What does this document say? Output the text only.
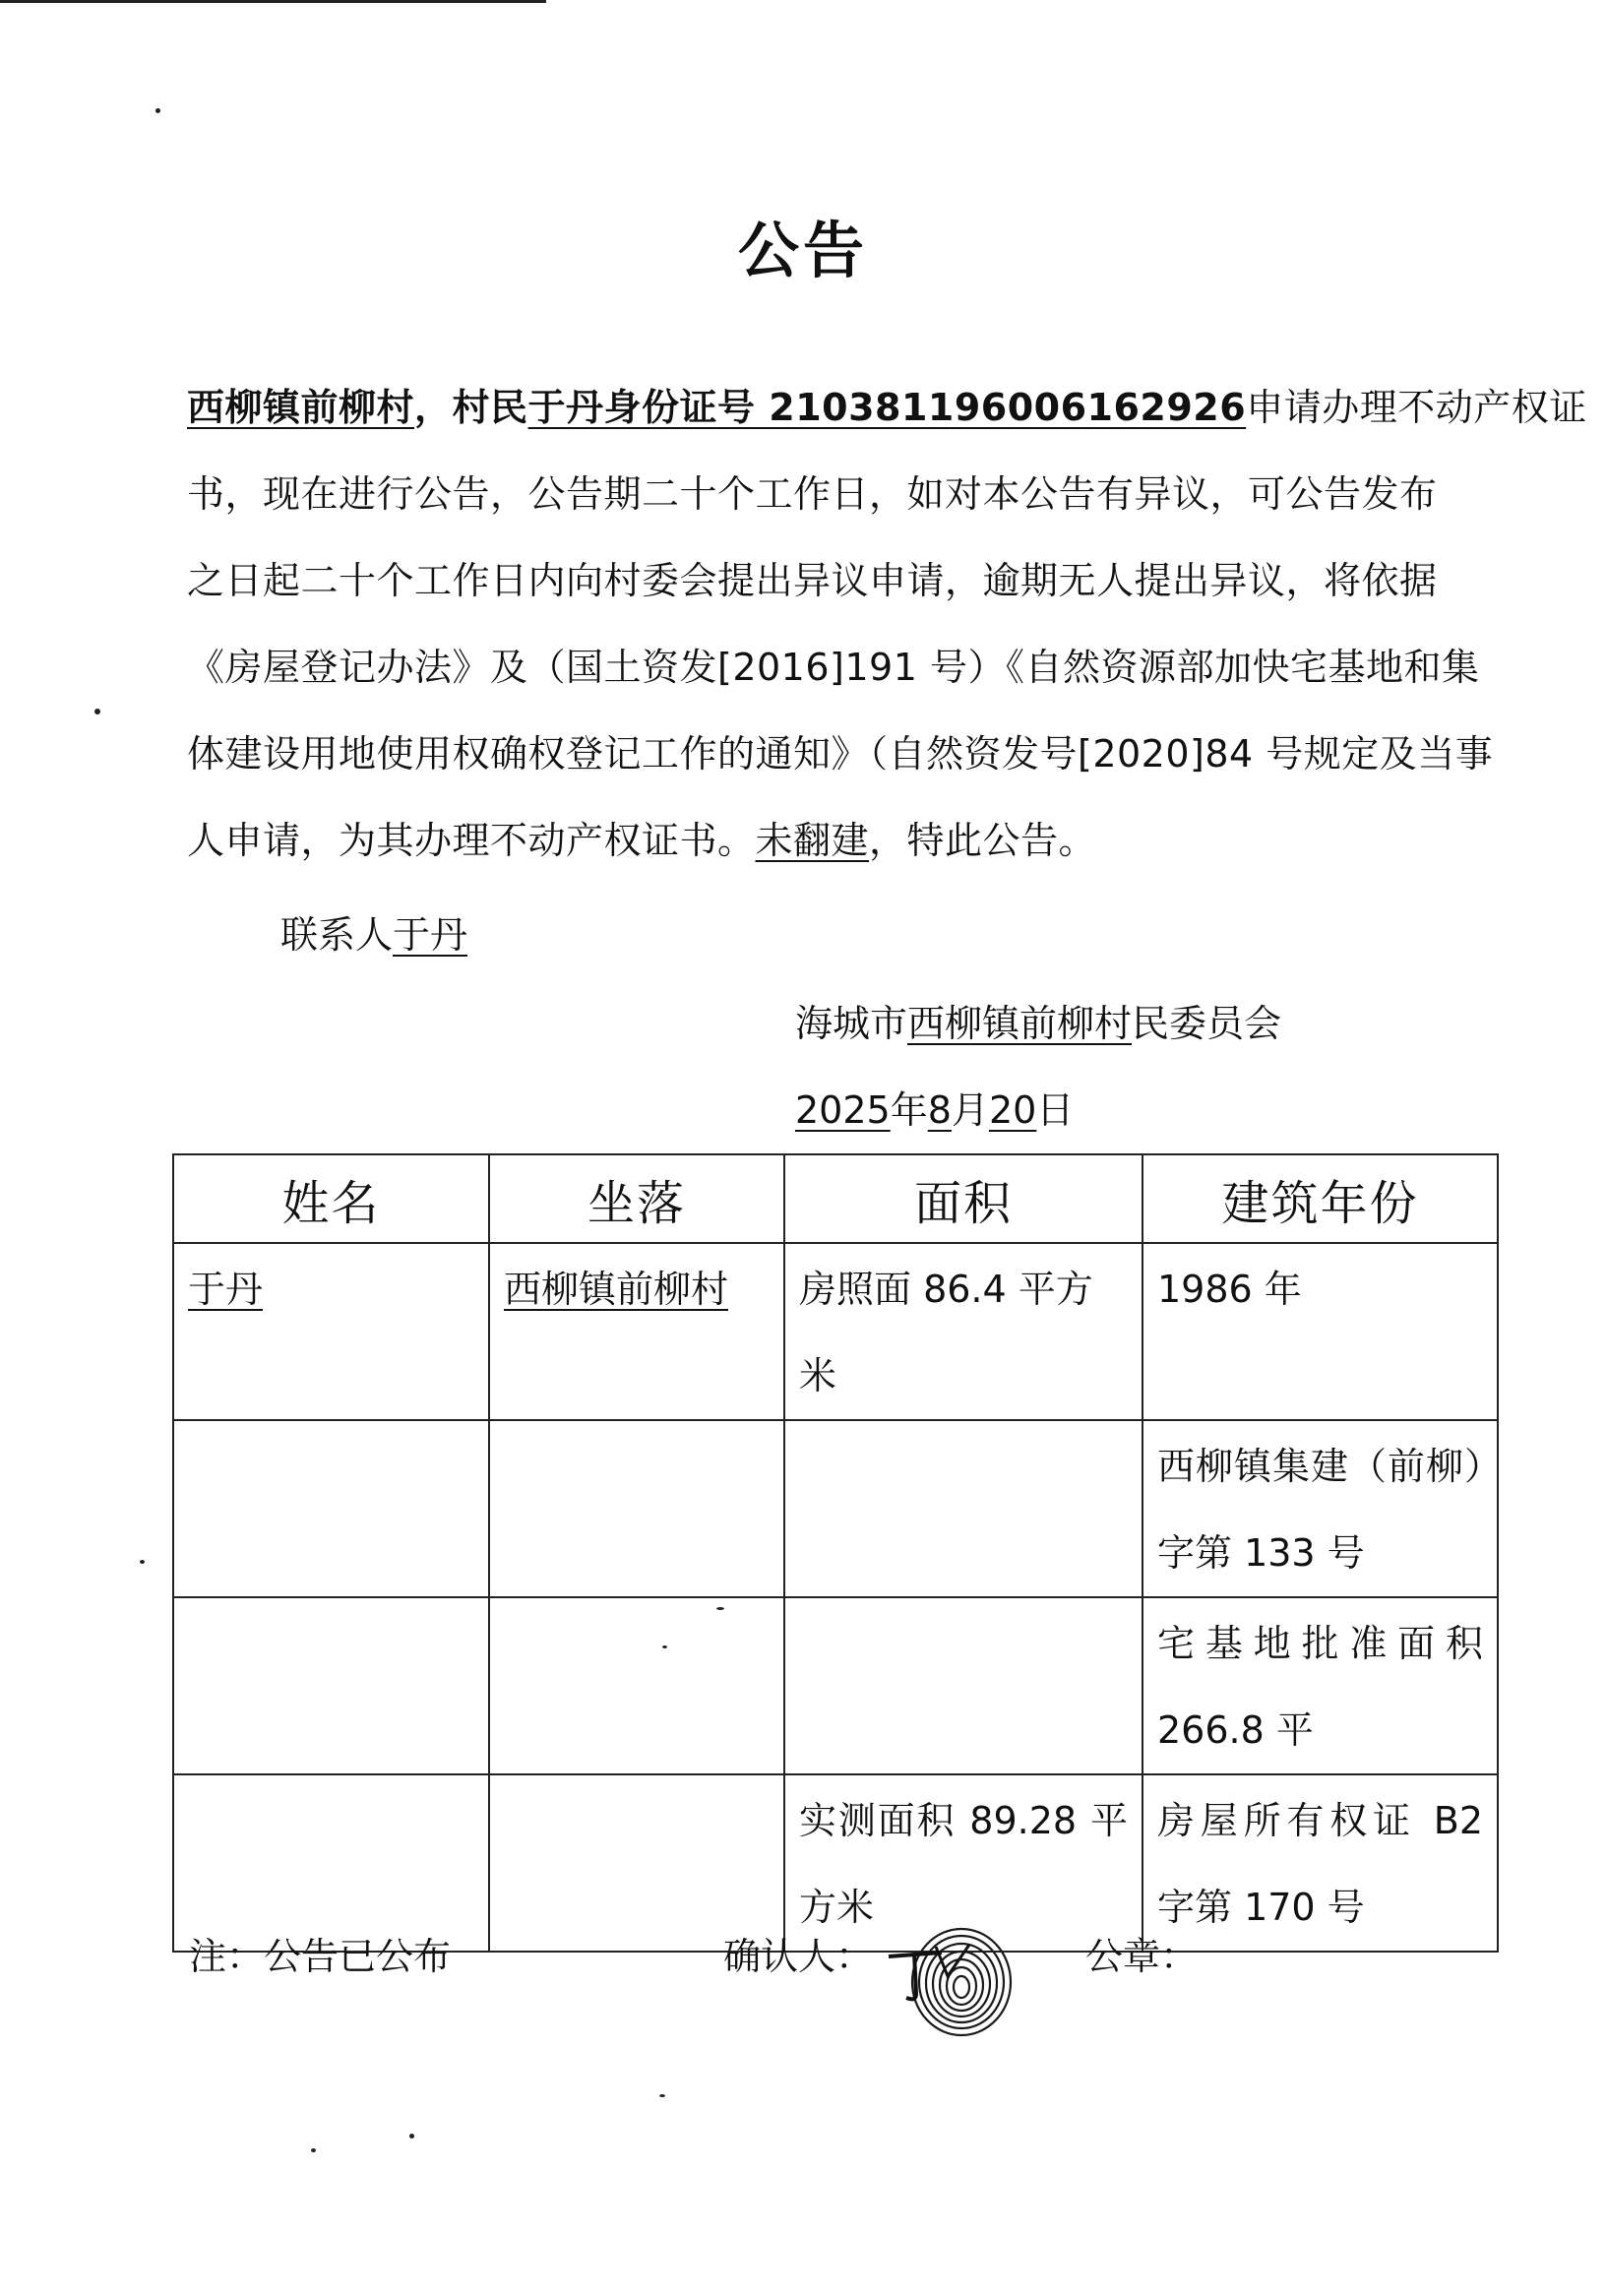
公告
西柳镇前柳村，村民于丹身份证号 210381196006162926申请办理不动产权证
书，现在进行公告，公告期二十个工作日，如对本公告有异议，可公告发布
之日起二十个工作日内向村委会提出异议申请，逾期无人提出异议，将依据
《房屋登记办法》及（国土资发[2016]191 号）《自然资源部加快宅基地和集
体建设用地使用权确权登记工作的通知》（自然资发号[2020]84 号规定及当事
人申请，为其办理不动产权证书。未翻建，特此公告。
联系人于丹
海城市西柳镇前柳村民委员会
2025年8月20日
姓名	坐落	面积	建筑年份
于丹	西柳镇前柳村	房照面 86.4 平方米	1986 年
			西柳镇集建（前柳）字第 133 号
			宅基地批准面积 266.8 平
		实测面积 89.28 平方米	房屋所有权证 B2 字第 170 号
注：公告已公布	确认人：	公章：
